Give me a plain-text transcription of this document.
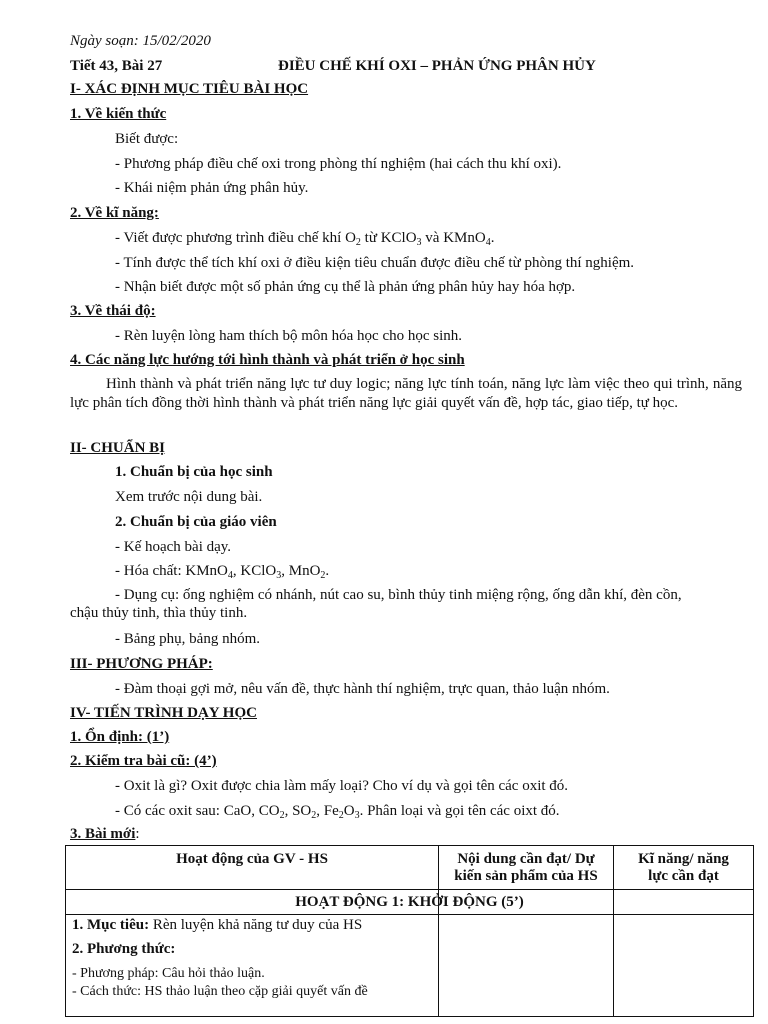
Ngày soạn: 15/02/2020
Tiết 43, Bài 27	ĐIỀU CHẾ KHÍ OXI – PHẢN ỨNG PHÂN HỦY
I- XÁC ĐỊNH MỤC TIÊU BÀI HỌC
1. Về kiến thức
Biết được:
- Phương pháp điều chế oxi trong phòng thí nghiệm (hai cách thu khí oxi).
- Khái niệm phản ứng phân hủy.
2. Về kĩ năng:
- Viết được phương trình điều chế khí $O_2$ từ KClO$_3$ và KMnO$_4$.
- Tính được thể tích khí oxi ở điều kiện tiêu chuẩn được điều chế từ phòng thí nghiệm.
- Nhận biết được một số phản ứng cụ thể là phản ứng phân hủy hay hóa hợp.
3. Về thái độ:
- Rèn luyện lòng ham thích bộ môn hóa học cho học sinh.
4. Các năng lực hướng tới hình thành và phát triển ở học sinh
Hình thành và phát triển năng lực tư duy logic; năng lực tính toán, năng lực làm việc theo qui trình, năng lực phân tích đồng thời hình thành và phát triển năng lực giải quyết vấn đề, hợp tác, giao tiếp, tự học.
II- CHUẨN BỊ
1. Chuẩn bị của học sinh
Xem trước nội dung bài.
2. Chuẩn bị của giáo viên
- Kế hoạch bài dạy.
- Hóa chất: KMnO$_4$, KClO$_3$, MnO$_2$.
- Dụng cụ: ống nghiệm có nhánh, nút cao su, bình thủy tinh miệng rộng, ống dẫn khí, đèn cồn,
chậu thủy tinh, thìa thủy tinh.
- Bảng phụ, bảng nhóm.
III- PHƯƠNG PHÁP:
- Đàm thoại gợi mở, nêu vấn đề, thực hành thí nghiệm, trực quan, thảo luận nhóm.
IV- TIẾN TRÌNH DẠY HỌC
1. Ổn định: (1’)
2. Kiểm tra bài cũ: (4’)
- Oxit là gì? Oxit được chia làm mấy loại? Cho ví dụ và gọi tên các oxit đó.
- Có các oxit sau: CaO, $CO_2$, $SO_2$, $Fe_2O_3$. Phân loại và gọi tên các oixt đó.
3. Bài mới:
Hoạt động của GV - HS	Nội dung cần đạt/ Dự
kiến sản phẩm của HS
Kĩ năng/ năng
lực cần đạt
HOẠT ĐỘNG 1: KHỞI ĐỘNG (5’)
1. Mục tiêu: Rèn luyện khả năng tư duy của HS
2. Phương thức:
- Phương pháp: Câu hỏi thảo luận.
- Cách thức: HS thảo luận theo cặp giải quyết vấn đề
